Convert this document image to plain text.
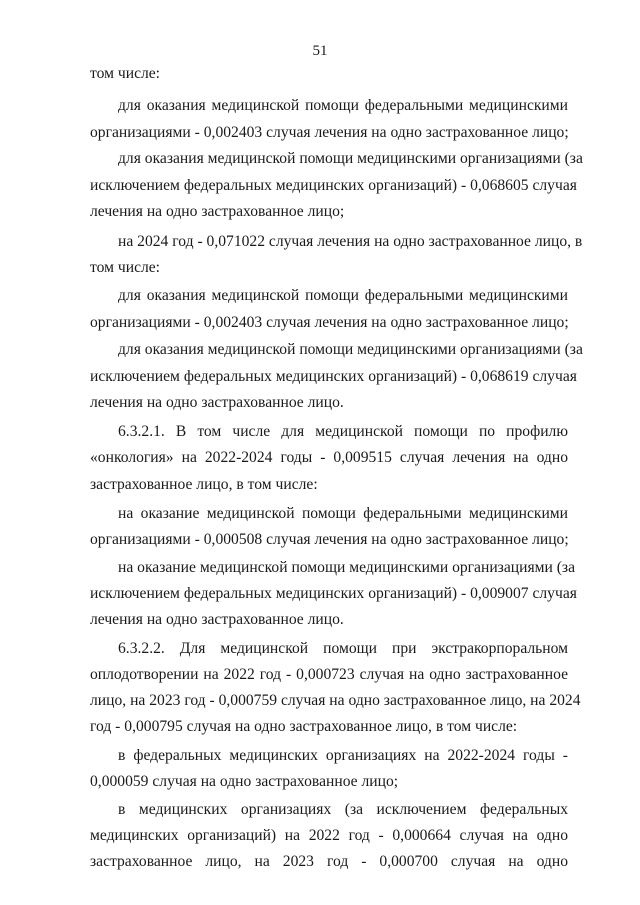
51
том числе:
для оказания медицинской помощи федеральными медицинскими
организациями - 0,002403 случая лечения на одно застрахованное лицо;
для оказания медицинской помощи медицинскими организациями (за
исключением федеральных медицинских организаций) - 0,068605 случая
лечения на одно застрахованное лицо;
на 2024 год - 0,071022 случая лечения на одно застрахованное лицо, в
том числе:
для оказания медицинской помощи федеральными медицинскими
организациями - 0,002403 случая лечения на одно застрахованное лицо;
для оказания медицинской помощи медицинскими организациями (за
исключением федеральных медицинских организаций) - 0,068619 случая
лечения на одно застрахованное лицо.
6.3.2.1. В том числе для медицинской помощи по профилю
«онкология» на 2022-2024 годы - 0,009515 случая лечения на одно
застрахованное лицо, в том числе:
на оказание медицинской помощи федеральными медицинскими
организациями - 0,000508 случая лечения на одно застрахованное лицо;
на оказание медицинской помощи медицинскими организациями (за
исключением федеральных медицинских организаций) - 0,009007 случая
лечения на одно застрахованное лицо.
6.3.2.2. Для медицинской помощи при экстракорпоральном
оплодотворении на 2022 год - 0,000723 случая на одно застрахованное
лицо, на 2023 год - 0,000759 случая на одно застрахованное лицо, на 2024
год - 0,000795 случая на одно застрахованное лицо, в том числе:
в федеральных медицинских организациях на 2022-2024 годы -
0,000059 случая на одно застрахованное лицо;
в медицинских организациях (за исключением федеральных
медицинских организаций) на 2022 год - 0,000664 случая на одно
застрахованное лицо, на 2023 год - 0,000700 случая на одно
